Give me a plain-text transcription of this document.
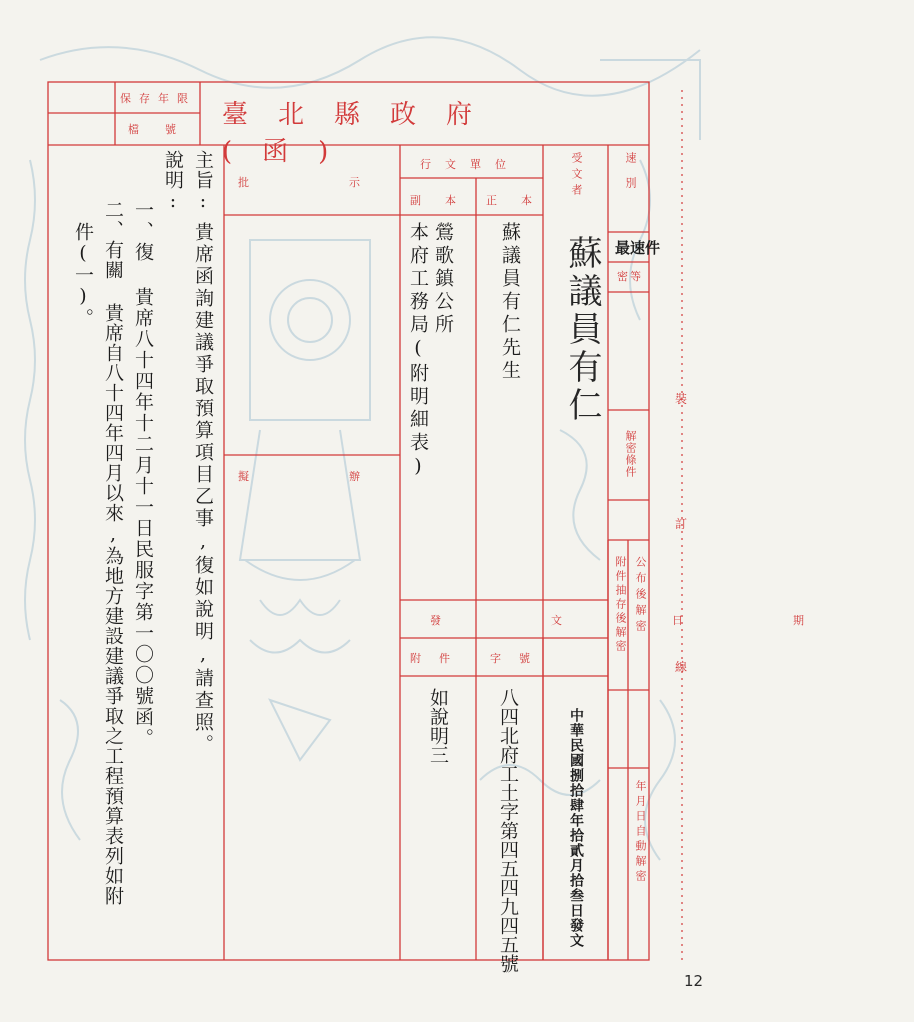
臺北縣政府(函)
保存年限
檔號
速別
最速件
密等
解密條件
公布後解密
附件抽存後解密
年月日自動解密
受文者
蘇議員有仁
行文單位
正本
副本
蘇議員有仁先生
鶯歌鎮公所
本府工務局(附明細表)
批示
擬辦
發文日期
字號
附件
中華民國捌拾肆年拾貳月拾叁日發文
八四北府工土字第四五四九四五號
如說明三
主旨:
貴席函詢建議爭取預算項目乙事,復如說明,請查照。
說明:
一、復 貴席八十四年十二月十一日民服字第一〇〇號函。
二、有關 貴席自八十四年四月以來,為地方建設建議爭取之工程預算表列如附
件(一)。
裝
訂
線
12
